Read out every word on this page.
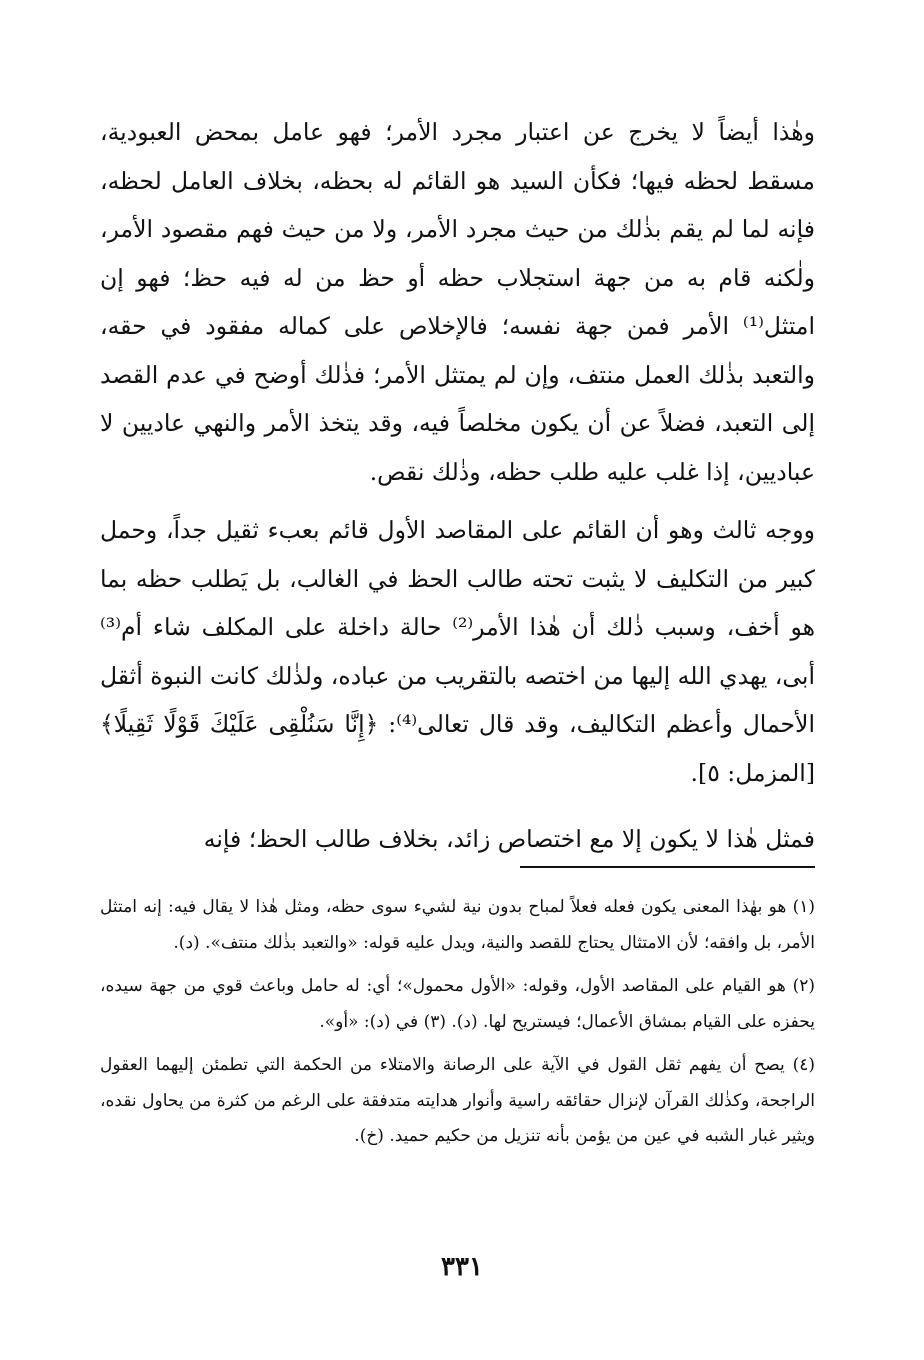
وهٰذا أيضاً لا يخرج عن اعتبار مجرد الأمر؛ فهو عامل بمحض العبودية، مسقط لحظه فيها؛ فكأن السيد هو القائم له بحظه، بخلاف العامل لحظه، فإنه لما لم يقم بذٰلك من حيث مجرد الأمر، ولا من حيث فهم مقصود الأمر، ولٰكنه قام به من جهة استجلاب حظه أو حظ من له فيه حظ؛ فهو إن امتثل⁽¹⁾ الأمر فمن جهة نفسه؛ فالإخلاص على كماله مفقود في حقه، والتعبد بذٰلك العمل منتف، وإن لم يمتثل الأمر؛ فذٰلك أوضح في عدم القصد إلى التعبد، فضلاً عن أن يكون مخلصاً فيه، وقد يتخذ الأمر والنهي عاديين لا عباديين، إذا غلب عليه طلب حظه، وذٰلك نقص.

ووجه ثالث وهو أن القائم على المقاصد الأول قائم بعبء ثقيل جداً، وحمل كبير من التكليف لا يثبت تحته طالب الحظ في الغالب، بل يَطلب حظه بما هو أخف، وسبب ذٰلك أن هٰذا الأمر⁽²⁾ حالة داخلة على المكلف شاء أم⁽³⁾ أبى، يهدي الله إليها من اختصه بالتقريب من عباده، ولذٰلك كانت النبوة أثقل الأحمال وأعظم التكاليف، وقد قال تعالى⁽⁴⁾: ﴿إِنَّا سَنُلْقِى عَلَيْكَ قَوْلًا ثَقِيلًا﴾ [المزمل: ٥].

فمثل هٰذا لا يكون إلا مع اختصاص زائد، بخلاف طالب الحظ؛ فإنه

(١) هو بهٰذا المعنى يكون فعله فعلاً لمباح بدون نية لشيء سوى حظه، ومثل هٰذا لا يقال فيه: إنه امتثل الأمر، بل وافقه؛ لأن الامتثال يحتاج للقصد والنية، ويدل عليه قوله: «والتعبد بذٰلك منتف». (د).

(٢) هو القيام على المقاصد الأول، وقوله: «الأول محمول»؛ أي: له حامل وباعث قوي من جهة سيده، يحفزه على القيام بمشاق الأعمال؛ فيستريح لها. (د). (٣) في (د): «أو».

(٤) يصح أن يفهم ثقل القول في الآية على الرصانة والامتلاء من الحكمة التي تطمئن إليهما العقول الراجحة، وكذٰلك القرآن لإنزال حقائقه راسية وأنوار هدايته متدفقة على الرغم من كثرة من يحاول نقده، ويثير غبار الشبه في عين من يؤمن بأنه تنزيل من حكيم حميد. (خ).

٣٣١
